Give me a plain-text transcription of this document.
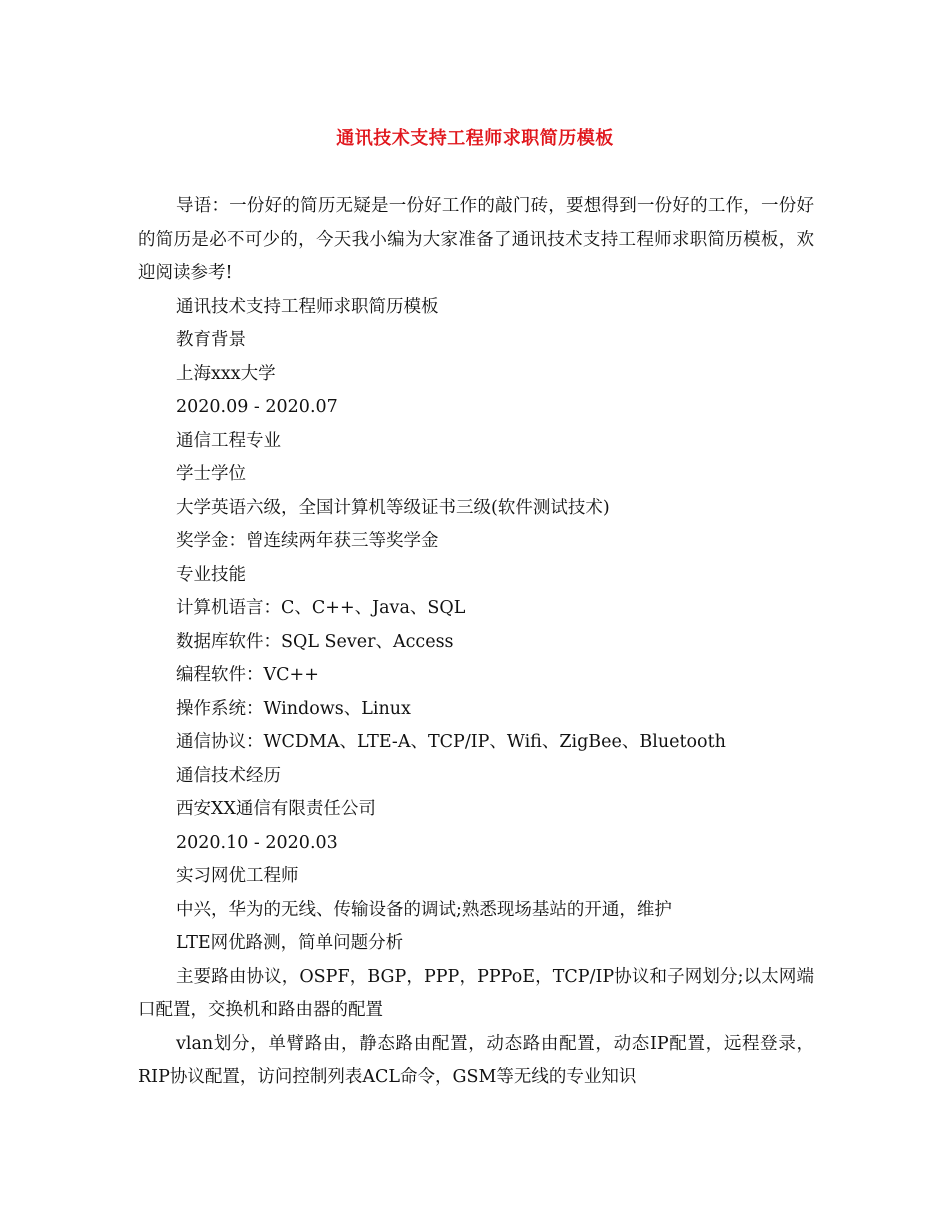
通讯技术支持工程师求职简历模板

导语：一份好的简历无疑是一份好工作的敲门砖，要想得到一份好的工作，一份好的简历是必不可少的，今天我小编为大家准备了通讯技术支持工程师求职简历模板，欢迎阅读参考!

通讯技术支持工程师求职简历模板

教育背景

上海xxx大学

2020.09 - 2020.07

通信工程专业

学士学位

大学英语六级，全国计算机等级证书三级(软件测试技术)

奖学金：曾连续两年获三等奖学金

专业技能

计算机语言：C、C++、Java、SQL

数据库软件：SQL Sever、Access

编程软件：VC++

操作系统：Windows、Linux

通信协议：WCDMA、LTE-A、TCP/IP、Wifi、ZigBee、Bluetooth

通信技术经历

西安XX通信有限责任公司

2020.10 - 2020.03

实习网优工程师

中兴，华为的无线、传输设备的调试;熟悉现场基站的开通，维护

LTE网优路测，简单问题分析

主要路由协议，OSPF，BGP，PPP，PPPoE，TCP/IP协议和子网划分;以太网端口配置，交换机和路由器的配置

vlan划分，单臂路由，静态路由配置，动态路由配置，动态IP配置，远程登录，RIP协议配置，访问控制列表ACL命令，GSM等无线的专业知识
